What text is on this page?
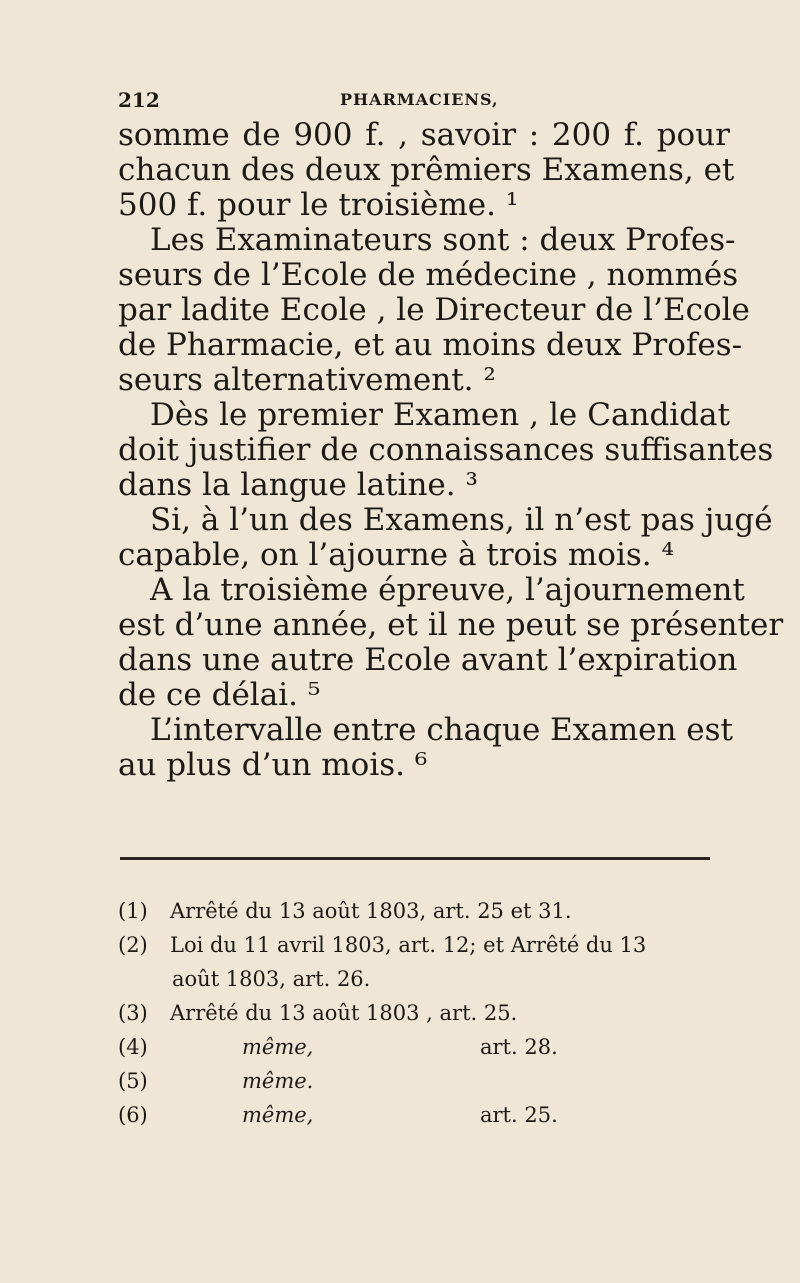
212	PHARMACIENS,
somme de 900 f. , savoir : 200 f. pour
chacun des deux prêmiers Examens, et
500 f. pour le troisième. ¹
Les Examinateurs sont : deux Profes-
seurs de l’Ecole de médecine , nommés
par ladite Ecole , le Directeur de l’Ecole
de Pharmacie, et au moins deux Profes-
seurs alternativement. ²
Dès le premier Examen , le Candidat
doit justifier de connaissances suffisantes
dans la langue latine. ³
Si, à l’un des Examens, il n’est pas jugé
capable, on l’ajourne à trois mois. ⁴
A la troisième épreuve, l’ajournement
est d’une année, et il ne peut se présenter
dans une autre Ecole avant l’expiration
de ce délai. ⁵
L’intervalle entre chaque Examen est
au plus d’un mois. ⁶
(1) Arrêté du 13 août 1803, art. 25 et 31.
(2) Loi du 11 avril 1803, art. 12; et Arrêté du 13
août 1803, art. 26.
(3) Arrêté du 13 août 1803 , art. 25.
(4)	même,	art. 28.
(5)	même.
(6)	même,	art. 25.
